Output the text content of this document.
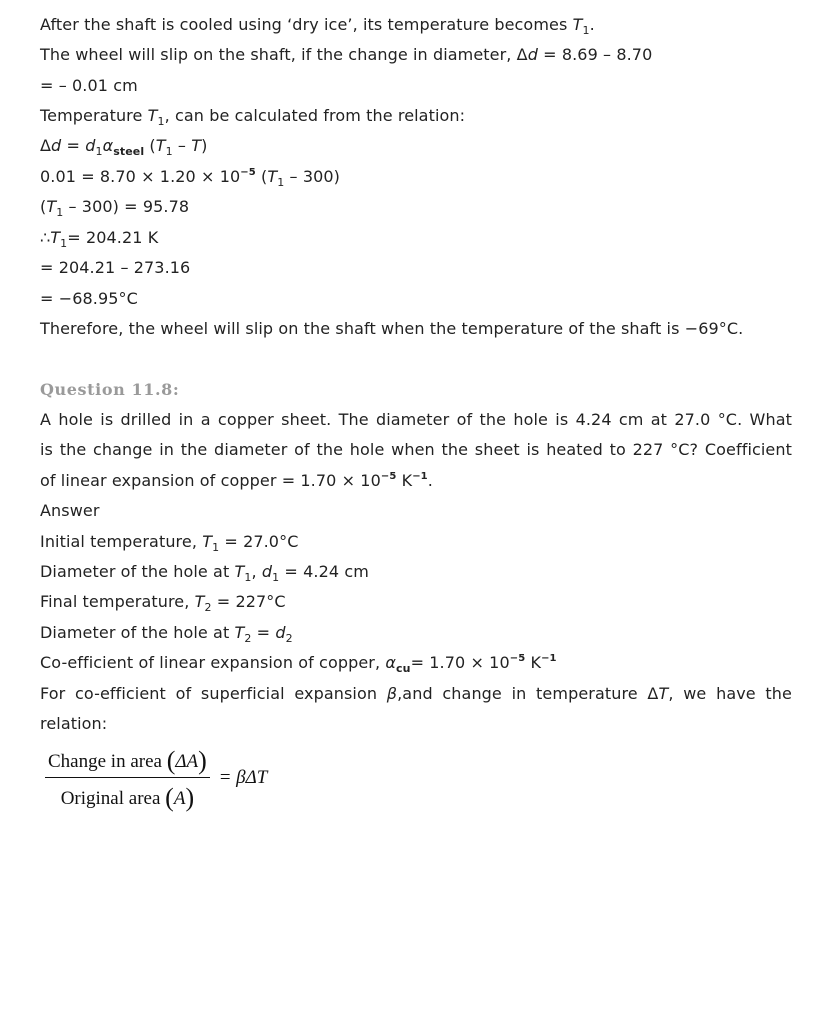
After the shaft is cooled using ‘dry ice’, its temperature becomes $T_1$.
The wheel will slip on the shaft, if the change in diameter, Δd = 8.69 – 8.70
= – 0.01 cm
Temperature $T_1$, can be calculated from the relation:
$\Delta d = d_1\alpha_{steel}$ $(T_1 - T)$
$0.01 = 8.70 \times 1.20 \times 10^{-5}$ $(T_1 - 300)$
$(T_1 - 300) = 95.78$
$\therefore T_1= 204.21$ K
= 204.21 – 273.16
= −68.95°C
Therefore, the wheel will slip on the shaft when the temperature of the shaft is −69°C.
Question 11.8:
A hole is drilled in a copper sheet. The diameter of the hole is 4.24 cm at 27.0 °C. What
is the change in the diameter of the hole when the sheet is heated to 227 °C? Coefficient
of linear expansion of copper = $1.70 \times 10^{-5}$ $K^{-1}$.
Answer
Initial temperature, $T_1 = 27.0^\circ C$
Diameter of the hole at $T_1$, $d_1 = 4.24$ cm
Final temperature, $T_2 = 227^\circ C$
Diameter of the hole at $T_2 = d_2$
Co-efficient of linear expansion of copper, $\alpha_{cu}= 1.70 \times 10^{-5}$ $K^{-1}$
For co-efficient of superficial expansion β,and change in temperature ΔT, we have the
relation:
$\frac{\text{Change in area (ΔA)}}{\text{Original area (A)}} = \beta\Delta T$
